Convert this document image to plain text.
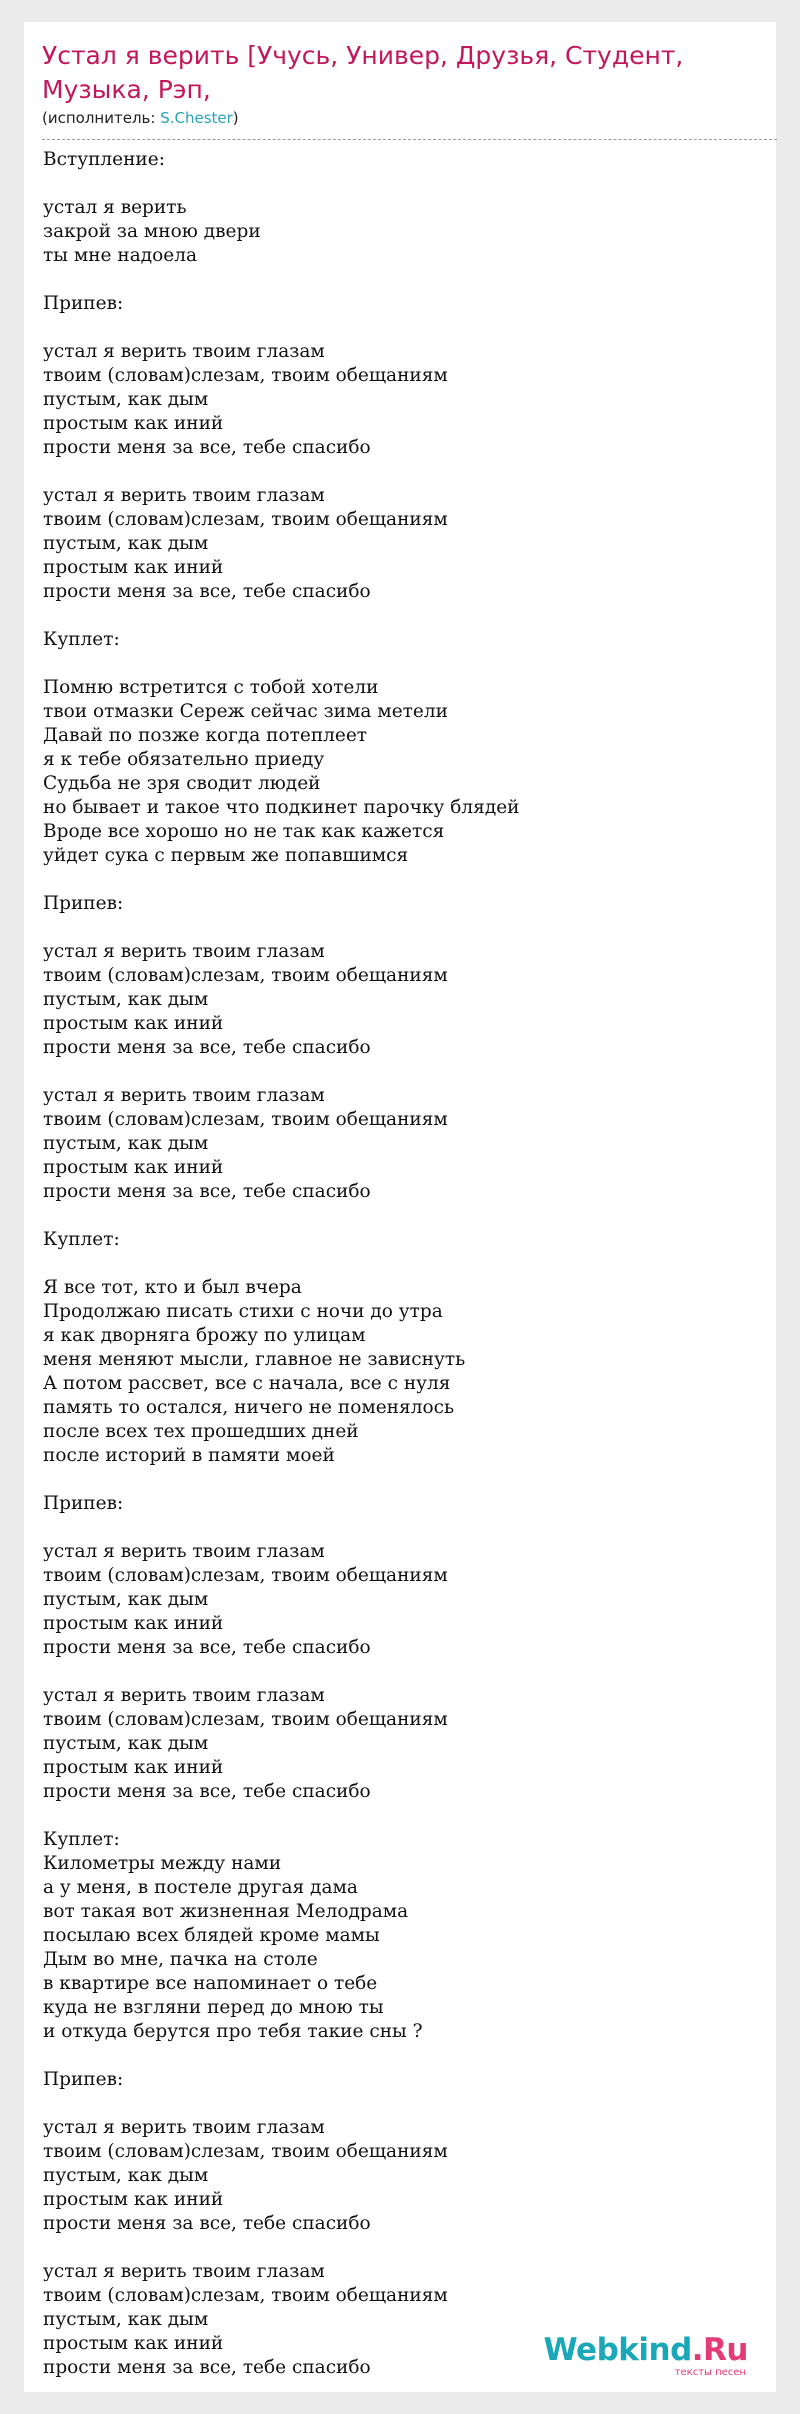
Устал я верить [Учусь, Универ, Друзья, Студент, Музыка, Рэп,
(исполнитель: S.Chester)
Вступление:

устал я верить
закрой за мною двери
ты мне надоела

Припев:

устал я верить твоим глазам
твоим (словам)слезам, твоим обещаниям
пустым, как дым
простым как иний
прости меня за все, тебе спасибо

устал я верить твоим глазам
твоим (словам)слезам, твоим обещаниям
пустым, как дым
простым как иний
прости меня за все, тебе спасибо

Куплет:

Помню встретится с тобой хотели
твои отмазки Сереж сейчас зима метели
Давай по позже когда потеплеет
я к тебе обязательно приеду
Судьба не зря сводит людей
но бывает и такое что подкинет парочку блядей
Вроде все хорошо но не так как кажется
уйдет сука с первым же попавшимся

Припев:

устал я верить твоим глазам
твоим (словам)слезам, твоим обещаниям
пустым, как дым
простым как иний
прости меня за все, тебе спасибо

устал я верить твоим глазам
твоим (словам)слезам, твоим обещаниям
пустым, как дым
простым как иний
прости меня за все, тебе спасибо

Куплет:

Я все тот, кто и был вчера
Продолжаю писать стихи с ночи до утра
я как дворняга брожу по улицам
меня меняют мысли, главное не зависнуть
А потом рассвет, все с начала, все с нуля
память то остался, ничего не поменялось
после всех тех прошедших дней
после историй в памяти моей

Припев:

устал я верить твоим глазам
твоим (словам)слезам, твоим обещаниям
пустым, как дым
простым как иний
прости меня за все, тебе спасибо

устал я верить твоим глазам
твоим (словам)слезам, твоим обещаниям
пустым, как дым
простым как иний
прости меня за все, тебе спасибо

Куплет:
Километры между нами
а у меня, в постеле другая дама
вот такая вот жизненная Мелодрама
посылаю всех блядей кроме мамы
Дым во мне, пачка на столе
в квартире все напоминает о тебе
куда не взгляни перед до мною ты
и откуда берутся про тебя такие сны ?

Припев:

устал я верить твоим глазам
твоим (словам)слезам, твоим обещаниям
пустым, как дым
простым как иний
прости меня за все, тебе спасибо

устал я верить твоим глазам
твоим (словам)слезам, твоим обещаниям
пустым, как дым
простым как иний
прости меня за все, тебе спасибо	Webkind.Ru
тексты песен
